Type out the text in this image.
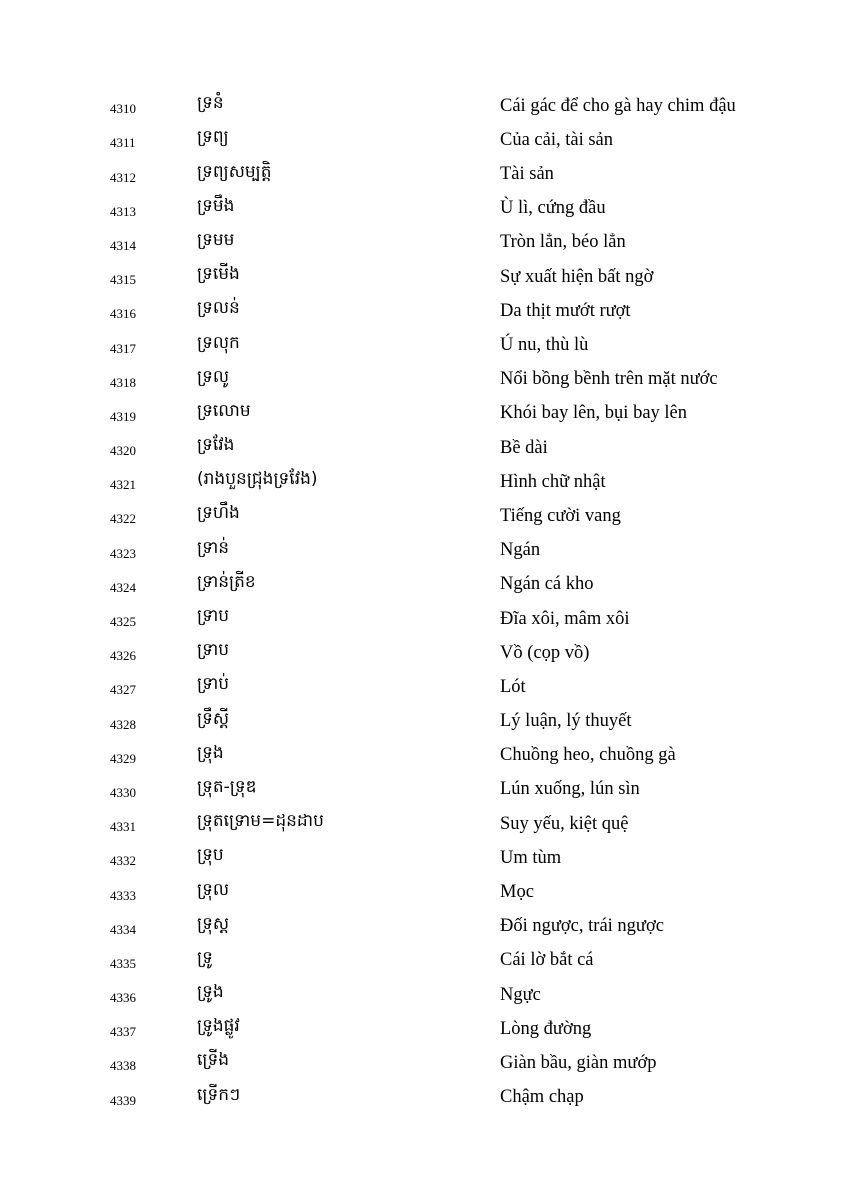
4310	ទ្រនំ	Cái gác để cho gà hay chim đậu
4311	ទ្រព្យ	Của cải, tài sản
4312	ទ្រព្យសម្បត្តិ	Tài sản
4313	ទ្រមឹង	Ù lì, cứng đầu
4314	ទ្រមម	Tròn lẳn, béo lẳn
4315	ទ្រមើង	Sự xuất hiện bất ngờ
4316	ទ្រលន់	Da thịt mướt rượt
4317	ទ្រលុក	Ú nu, thù lù
4318	ទ្រលូ	Nổi bồng bềnh trên mặt nước
4319	ទ្រលោម	Khói bay lên, bụi bay lên
4320	ទ្រវែង	Bề dài
4321	(រាងបួនជ្រុងទ្រវែង)	Hình chữ nhật
4322	ទ្រហឹង	Tiếng cười vang
4323	ទ្រាន់	Ngán
4324	ទ្រាន់ត្រីខ	Ngán cá kho
4325	ទ្រាប	Đĩa xôi, mâm xôi
4326	ទ្រាប	Vồ (cọp vồ)
4327	ទ្រាប់	Lót
4328	ទ្រឹស្តី	Lý luận, lý thuyết
4329	ទ្រុង	Chuồng heo, chuồng gà
4330	ទ្រុត-ទ្រុឌ	Lún xuống, lún sìn
4331	ទ្រុតទ្រោម=ដុនដាប	Suy yếu, kiệt quệ
4332	ទ្រុប	Um tùm
4333	ទ្រុល	Mọc
4334	ទ្រុស្ត	Đối ngược, trái ngược
4335	ទ្រូ	Cái lờ bắt cá
4336	ទ្រូង	Ngực
4337	ទ្រូងផ្លូវ	Lòng đường
4338	ទ្រើង	Giàn bầu, giàn mướp
4339	ទ្រើកៗ	Chậm chạp
